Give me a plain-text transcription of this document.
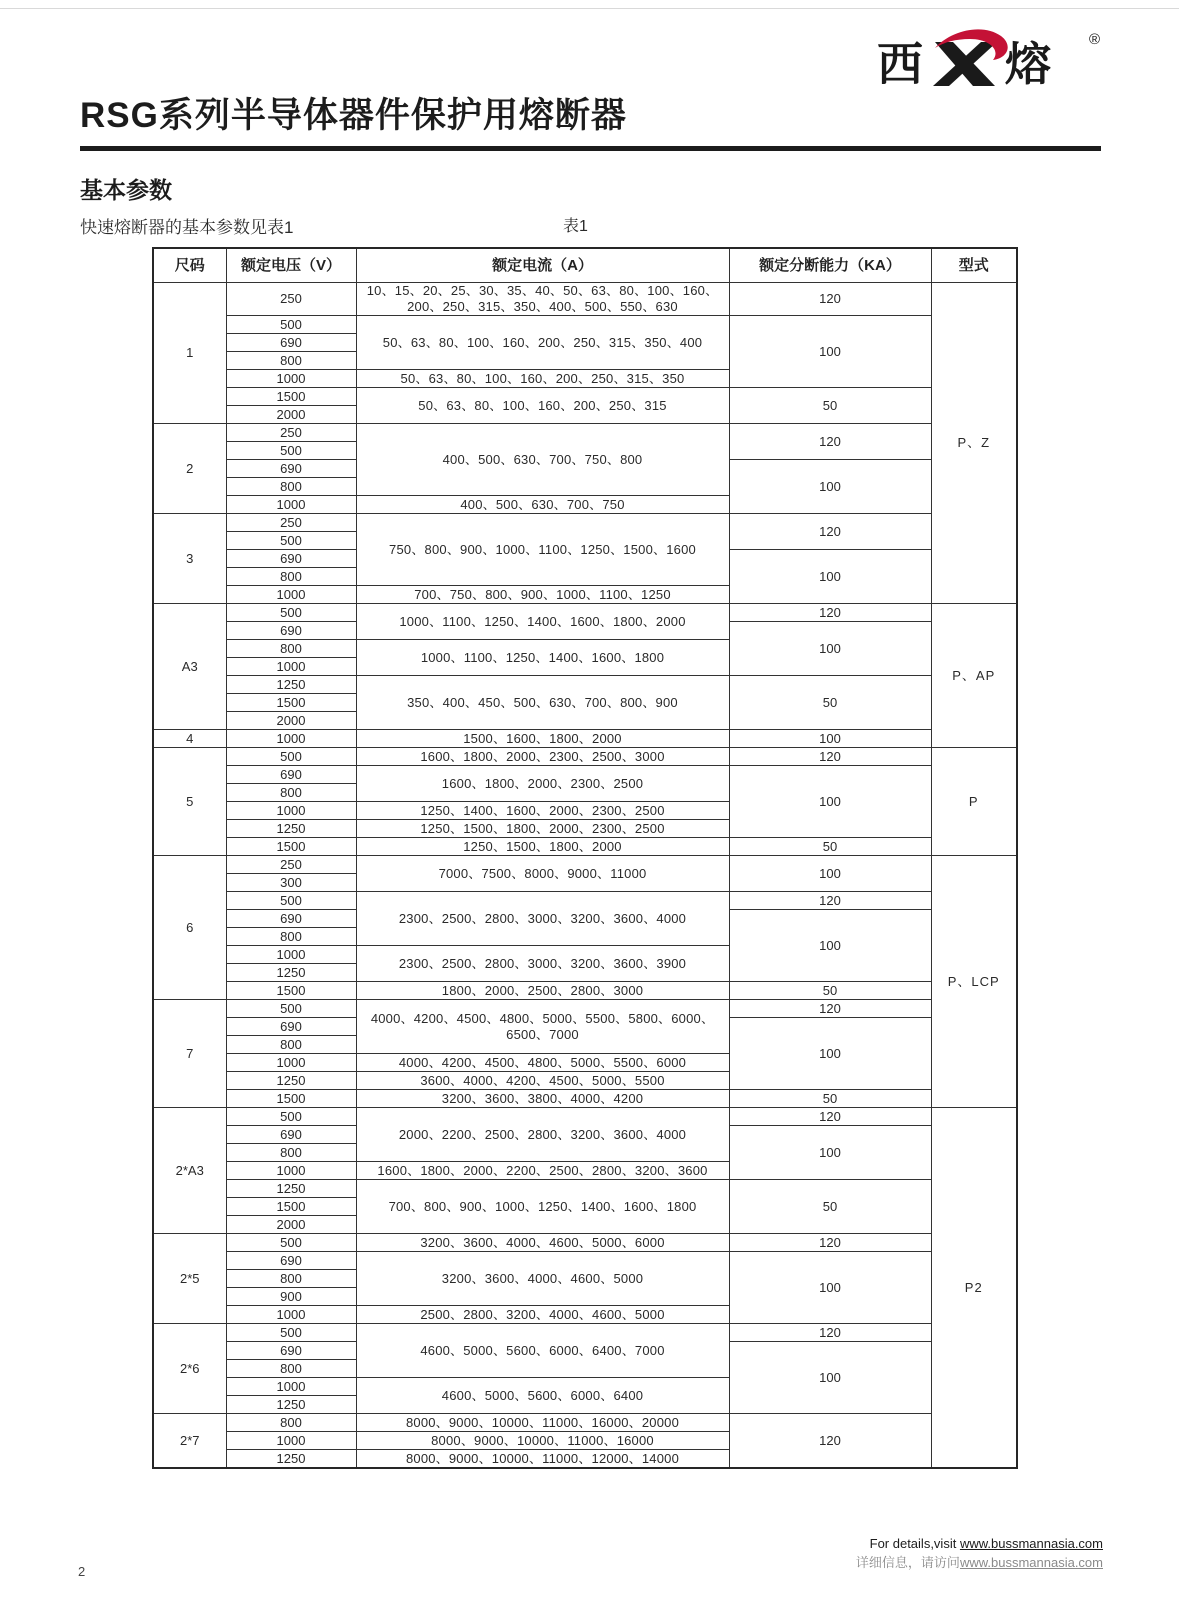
西 熔	®
RSG系列半导体器件保护用熔断器
基本参数
快速熔断器的基本参数见表1	表1
尺码	额定电压（V）	额定电流（A）	额定分断能力（KA）	型式
1	250	10、15、20、25、30、35、40、50、63、80、100、160、200、250、315、350、400、500、550、630	120	P、Z
	500	50、63、80、100、160、200、250、315、350、400	100	
	690			
	800			
	1000	50、63、80、100、160、200、250、315、350		
	1500	50、63、80、100、160、200、250、315	50	
	2000			
2	250	400、500、630、700、750、800	120	
	500			
	690		100	
	800			
	1000	400、500、630、700、750		
3	250	750、800、900、1000、1100、1250、1500、1600	120	
	500			
	690		100	
	800			
	1000	700、750、800、900、1000、1100、1250		
A3	500	1000、1100、1250、1400、1600、1800、2000	120	P、AP
	690		100	
	800	1000、1100、1250、1400、1600、1800		
	1000			
	1250	350、400、450、500、630、700、800、900	50	
	1500			
	2000			
4	1000	1500、1600、1800、2000	100	
5	500	1600、1800、2000、2300、2500、3000	120	P
	690	1600、1800、2000、2300、2500	100	
	800			
	1000	1250、1400、1600、2000、2300、2500		
	1250	1250、1500、1800、2000、2300、2500		
	1500	1250、1500、1800、2000	50	
6	250	7000、7500、8000、9000、11000	100	P、LCP
	300			
	500	2300、2500、2800、3000、3200、3600、4000	120	
	690		100	
	800			
	1000	2300、2500、2800、3000、3200、3600、3900		
	1250			
	1500	1800、2000、2500、2800、3000	50	
7	500	4000、4200、4500、4800、5000、5500、5800、6000、6500、7000	120	
	690		100	
	800			
	1000	4000、4200、4500、4800、5000、5500、6000		
	1250	3600、4000、4200、4500、5000、5500		
	1500	3200、3600、3800、4000、4200	50	
2*A3	500	2000、2200、2500、2800、3200、3600、4000	120	P2
	690		100	
	800			
	1000	1600、1800、2000、2200、2500、2800、3200、3600		
	1250	700、800、900、1000、1250、1400、1600、1800	50	
	1500			
	2000			
2*5	500	3200、3600、4000、4600、5000、6000	120	
	690	3200、3600、4000、4600、5000	100	
	800			
	900			
	1000	2500、2800、3200、4000、4600、5000		
2*6	500	4600、5000、5600、6000、6400、7000	120	
	690		100	
	800			
	1000	4600、5000、5600、6000、6400		
	1250			
2*7	800	8000、9000、10000、11000、16000、20000	120	
	1000	8000、9000、10000、11000、16000		
	1250	8000、9000、10000、11000、12000、14000		
For details,visit www.bussmannasia.com
详细信息，请访问www.bussmannasia.com
2
